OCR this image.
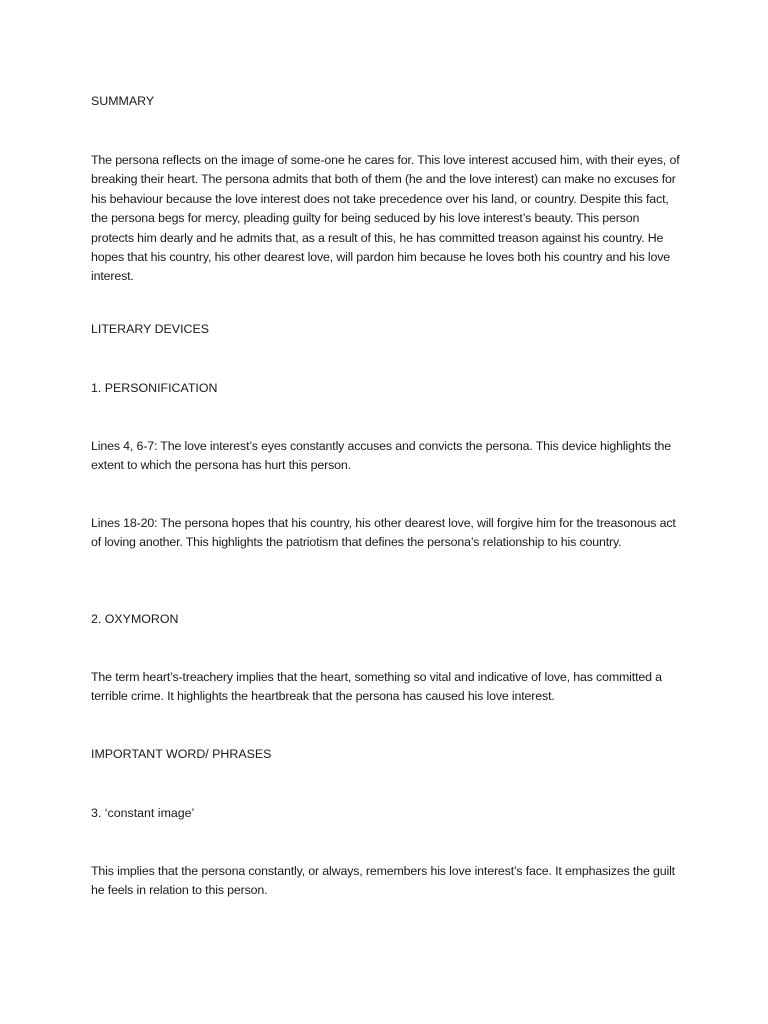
SUMMARY

The persona reflects on the image of some-one he cares for. This love interest accused him, with their eyes, of breaking their heart. The persona admits that both of them (he and the love interest) can make no excuses for his behaviour because the love interest does not take precedence over his land, or country. Despite this fact, the persona begs for mercy, pleading guilty for being seduced by his love interest’s beauty. This person protects him dearly and he admits that, as a result of this, he has committed treason against his country. He hopes that his country, his other dearest love, will pardon him because he loves both his country and his love interest.

LITERARY DEVICES

1. PERSONIFICATION

Lines 4, 6-7: The love interest’s eyes constantly accuses and convicts the persona. This device highlights the extent to which the persona has hurt this person.

Lines 18-20: The persona hopes that his country, his other dearest love, will forgive him for the treasonous act of loving another. This highlights the patriotism that defines the persona’s relationship to his country.

2. OXYMORON

The term heart’s-treachery implies that the heart, something so vital and indicative of love, has committed a terrible crime. It highlights the heartbreak that the persona has caused his love interest.

IMPORTANT WORD/ PHRASES

3. ‘constant image’

This implies that the persona constantly, or always, remembers his love interest’s face. It emphasizes the guilt he feels in relation to this person.
